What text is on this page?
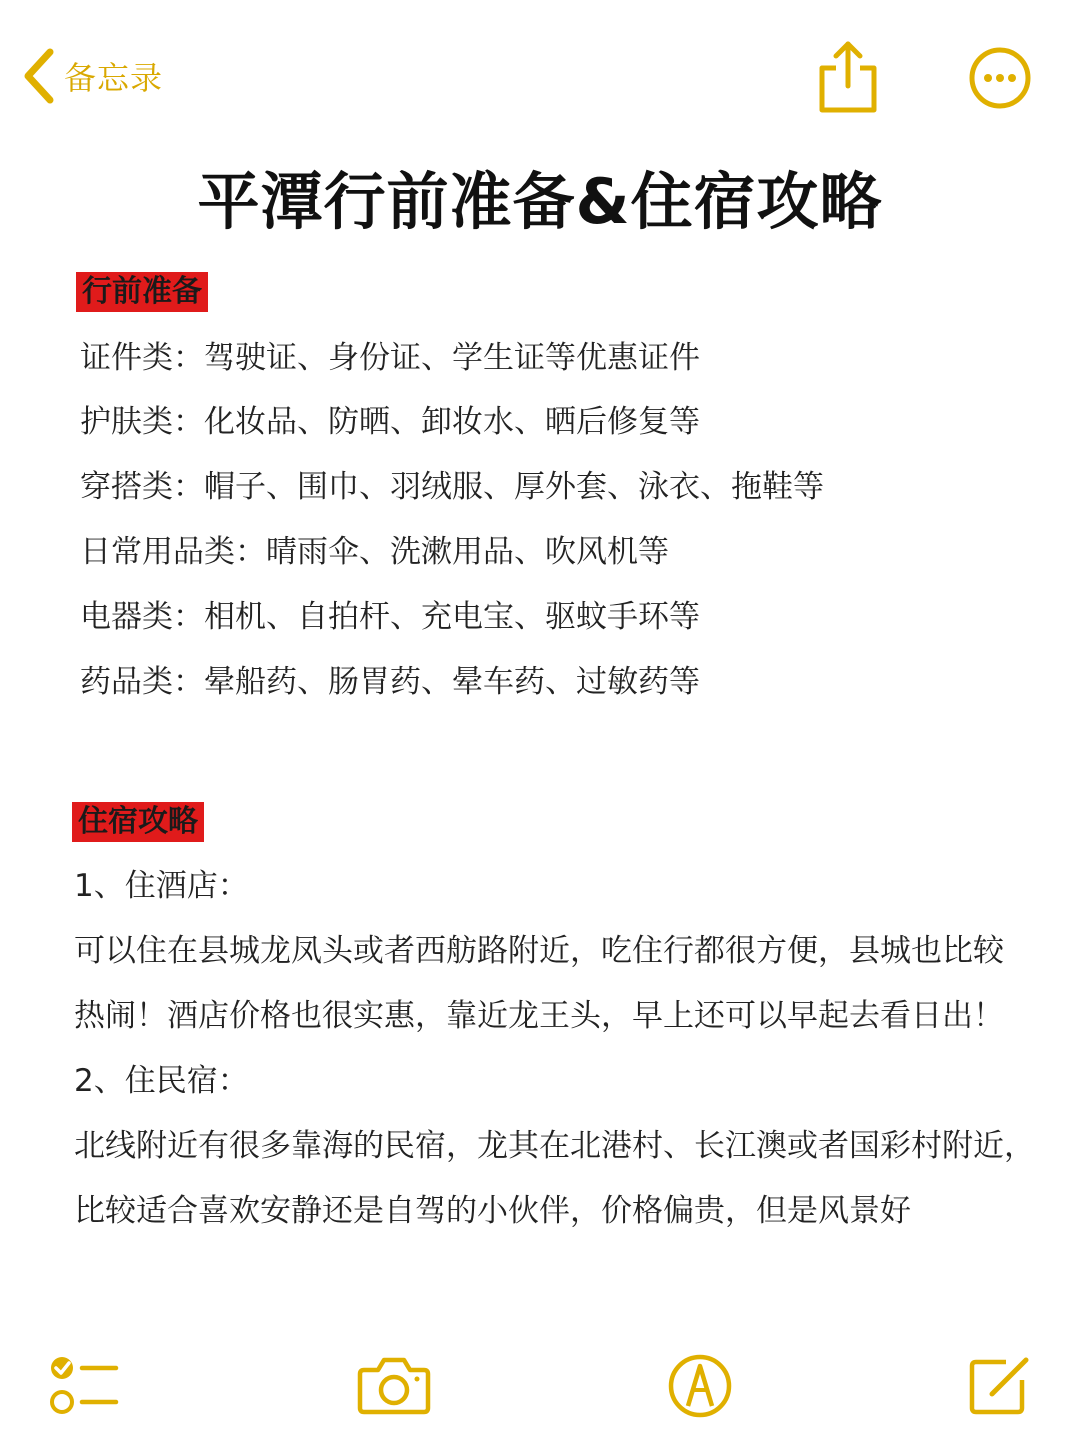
备忘录
平潭行前准备&住宿攻略
行前准备
证件类：驾驶证、身份证、学生证等优惠证件
护肤类：化妆品、防晒、卸妆水、晒后修复等
穿搭类：帽子、围巾、羽绒服、厚外套、泳衣、拖鞋等
日常用品类：晴雨伞、洗漱用品、吹风机等
电器类：相机、自拍杆、充电宝、驱蚊手环等
药品类：晕船药、肠胃药、晕车药、过敏药等
住宿攻略
1、住酒店：
可以住在县城龙凤头或者西舫路附近，吃住行都很方便，县城也比较
热闹！酒店价格也很实惠，靠近龙王头，早上还可以早起去看日出！
2、住民宿：
北线附近有很多靠海的民宿，龙其在北港村、长江澳或者国彩村附近，
比较适合喜欢安静还是自驾的小伙伴，价格偏贵，但是风景好
